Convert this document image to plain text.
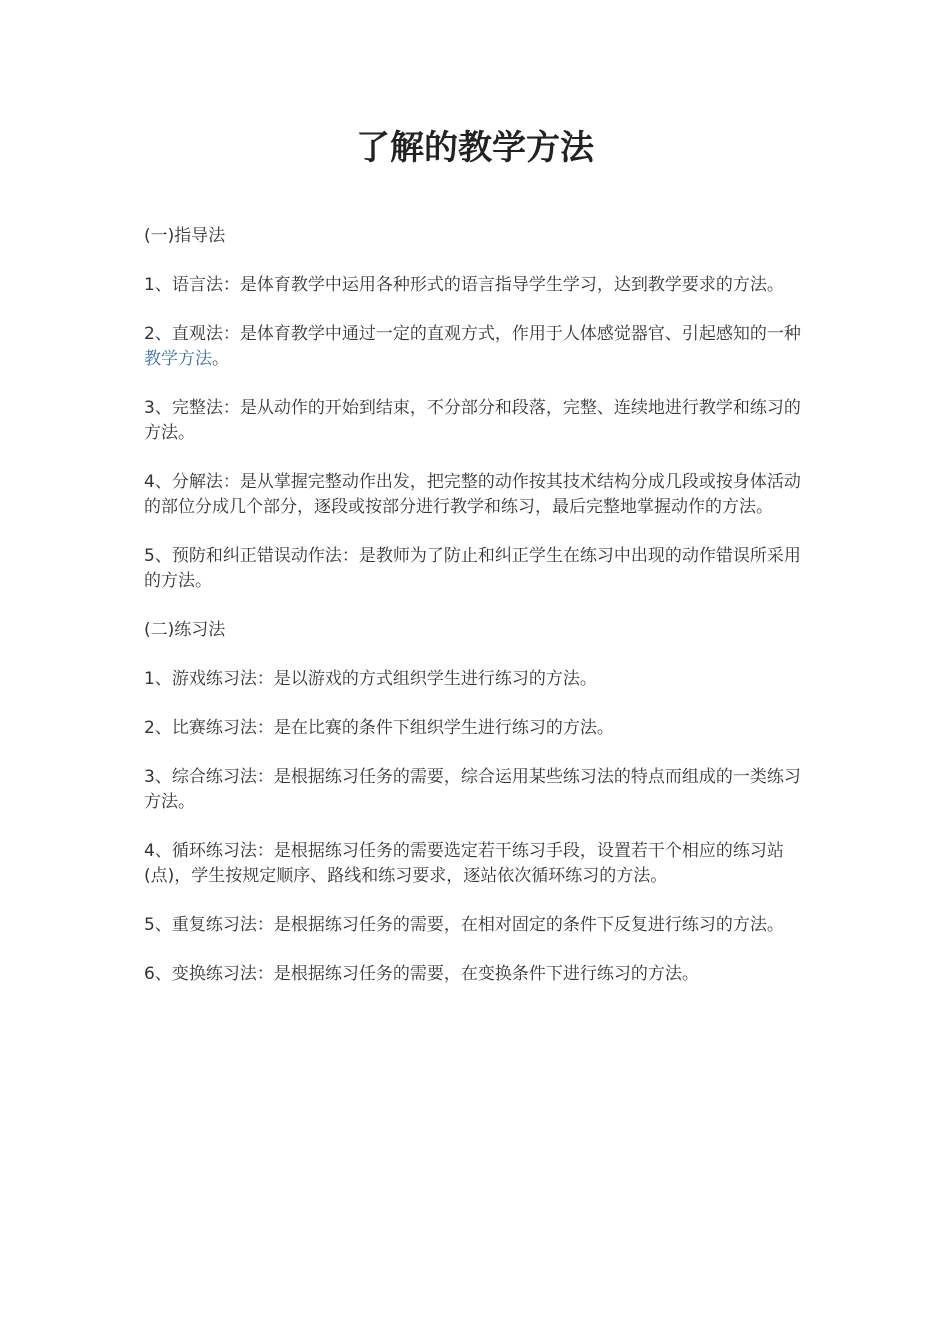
了解的教学方法

(一)指导法

1、语言法：是体育教学中运用各种形式的语言指导学生学习，达到教学要求的方法。

2、直观法：是体育教学中通过一定的直观方式，作用于人体感觉器官、引起感知的一种教学方法。

3、完整法：是从动作的开始到结束，不分部分和段落，完整、连续地进行教学和练习的方法。

4、分解法：是从掌握完整动作出发，把完整的动作按其技术结构分成几段或按身体活动的部位分成几个部分，逐段或按部分进行教学和练习，最后完整地掌握动作的方法。

5、预防和纠正错误动作法：是教师为了防止和纠正学生在练习中出现的动作错误所采用的方法。

(二)练习法

1、游戏练习法：是以游戏的方式组织学生进行练习的方法。

2、比赛练习法：是在比赛的条件下组织学生进行练习的方法。

3、综合练习法：是根据练习任务的需要，综合运用某些练习法的特点而组成的一类练习方法。

4、循环练习法：是根据练习任务的需要选定若干练习手段，设置若干个相应的练习站(点)，学生按规定顺序、路线和练习要求，逐站依次循环练习的方法。

5、重复练习法：是根据练习任务的需要，在相对固定的条件下反复进行练习的方法。

6、变换练习法：是根据练习任务的需要，在变换条件下进行练习的方法。
